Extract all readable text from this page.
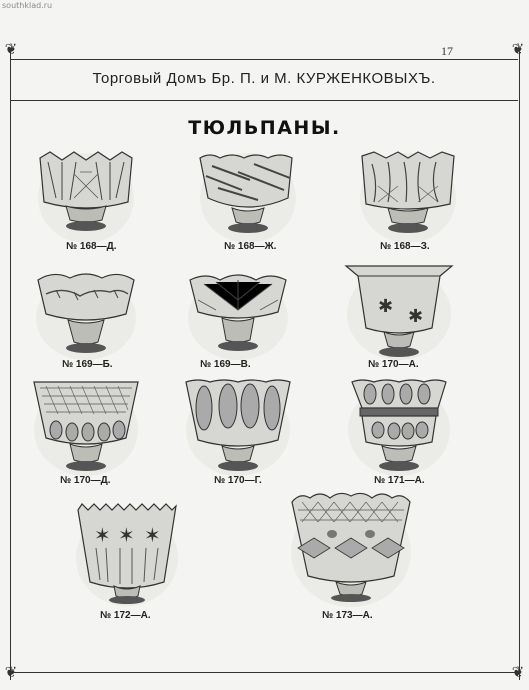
southklad.ru
❦	❦
❦	❦
17
Торговый Домъ Бр. П. и М. КУРЖЕНКОВЫХЪ.
ТЮЛЬПАНЫ.
№ 168—Д.	№ 168—Ж.	№ 168—З.
№ 169—Б.	№ 169—В.
✱ ✱
№ 170—А.
№ 170—Д.	№ 170—Г.	№ 171—А.
✶ ✶ ✶
№ 172—А.	№ 173—А.
